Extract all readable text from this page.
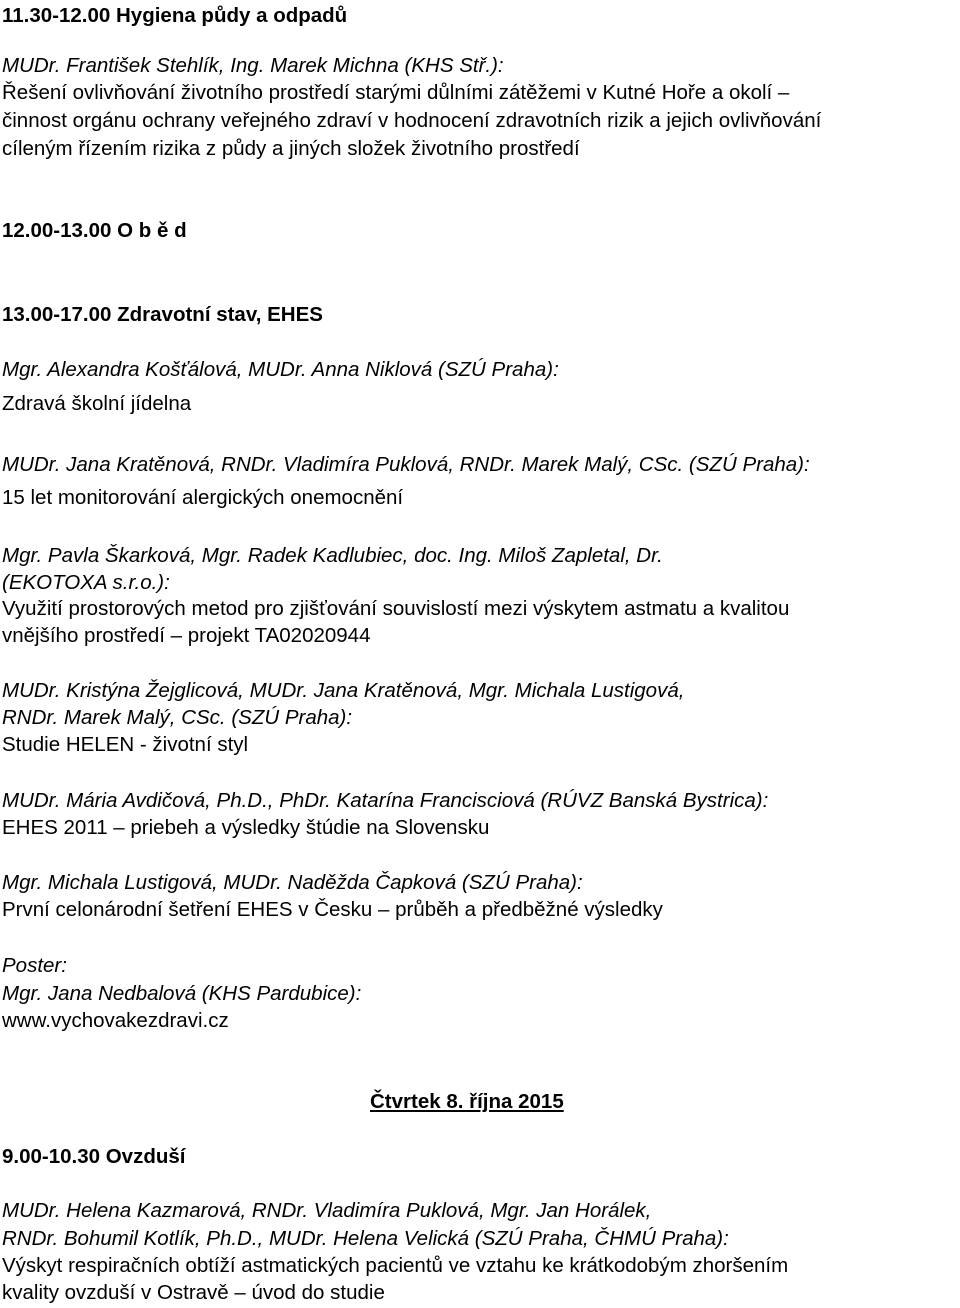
11.30-12.00 Hygiena půdy a odpadů
MUDr. František Stehlík, Ing. Marek Michna (KHS Stř.):
Řešení ovlivňování životního prostředí starými důlními zátěžemi v Kutné Hoře a okolí –
činnost orgánu ochrany veřejného zdraví v hodnocení zdravotních rizik a jejich ovlivňování
cíleným řízením rizika z půdy a jiných složek životního prostředí
12.00-13.00 O b ě d
13.00-17.00 Zdravotní stav, EHES
Mgr. Alexandra Košťálová, MUDr. Anna Niklová (SZÚ Praha):
Zdravá školní jídelna
MUDr. Jana Kratěnová, RNDr. Vladimíra Puklová, RNDr. Marek Malý, CSc. (SZÚ Praha):
15 let monitorování alergických onemocnění
Mgr. Pavla Škarková, Mgr. Radek Kadlubiec, doc. Ing. Miloš Zapletal, Dr.
(EKOTOXA s.r.o.):
Využití prostorových metod pro zjišťování souvislostí mezi výskytem astmatu a kvalitou
vnějšího prostředí – projekt TA02020944
MUDr. Kristýna Žejglicová, MUDr. Jana Kratěnová, Mgr. Michala Lustigová,
RNDr. Marek Malý, CSc. (SZÚ Praha):
Studie HELEN - životní styl
MUDr. Mária Avdičová, Ph.D., PhDr. Katarína Francisciová (RÚVZ Banská Bystrica):
EHES 2011 – priebeh a výsledky štúdie na Slovensku
Mgr. Michala Lustigová, MUDr. Naděžda Čapková (SZÚ Praha):
První celonárodní šetření EHES v Česku – průběh a předběžné výsledky
Poster:
Mgr. Jana Nedbalová (KHS Pardubice):
www.vychovakezdravi.cz
Čtvrtek 8. října 2015
9.00-10.30 Ovzduší
MUDr. Helena Kazmarová, RNDr. Vladimíra Puklová, Mgr. Jan Horálek,
RNDr. Bohumil Kotlík, Ph.D., MUDr. Helena Velická (SZÚ Praha, ČHMÚ Praha):
Výskyt respiračních obtíží astmatických pacientů ve vztahu ke krátkodobým zhoršením
kvality ovzduší v Ostravě – úvod do studie
